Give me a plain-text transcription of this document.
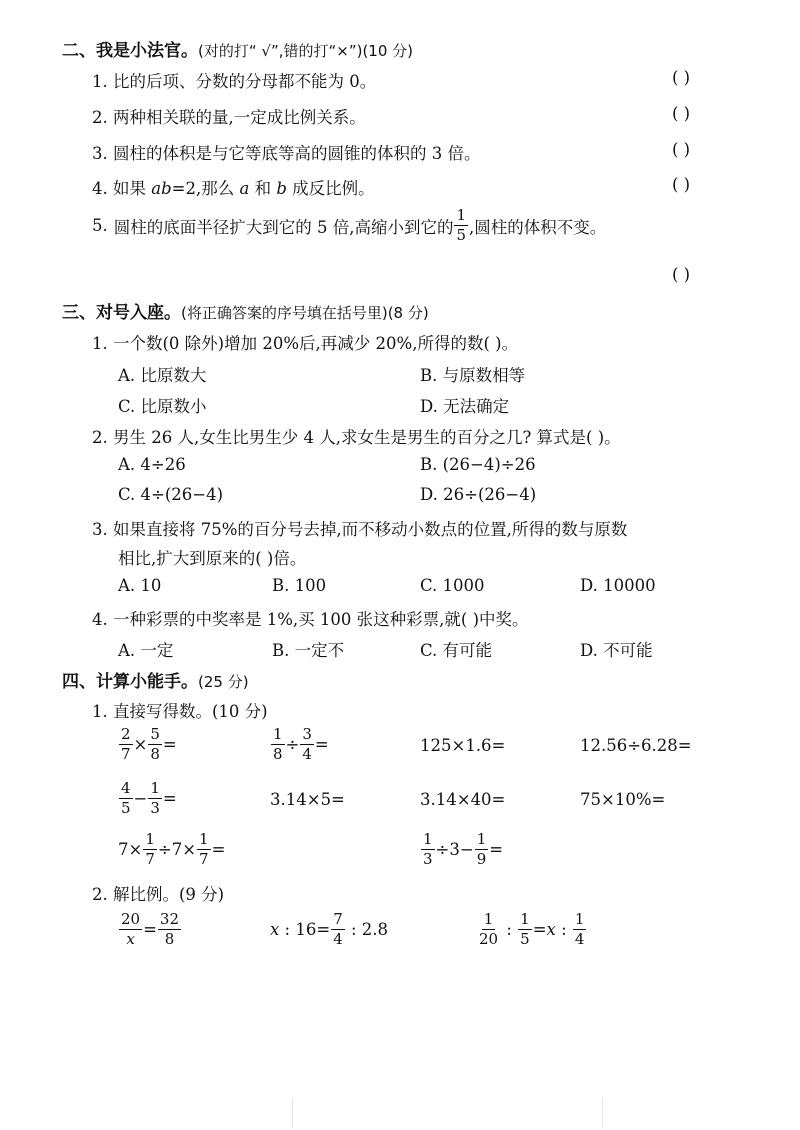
二、我是小法官。(对的打“ √”,错的打“×”)(10 分)
1. 比的后项、分数的分母都不能为 0。	( )
2. 两种相关联的量,一定成比例关系。	( )
3. 圆柱的体积是与它等底等高的圆锥的体积的 3 倍。	( )
4. 如果 ab=2,那么 a 和 b 成反比例。	( )
5. 圆柱的底面半径扩大到它的 5 倍,高缩小到它的 $\frac{1}{5}$ ,圆柱的体积不变。
( )
三、对号入座。(将正确答案的序号填在括号里)(8 分)
1. 一个数(0 除外)增加 20%后,再减少 20%,所得的数( )。
A. 比原数大	B. 与原数相等
C. 比原数小	D. 无法确定
2. 男生 26 人,女生比男生少 4 人,求女生是男生的百分之几? 算式是( )。
A. 4÷26	B. (26−4)÷26
C. 4÷(26−4)	D. 26÷(26−4)
3. 如果直接将 75%的百分号去掉,而不移动小数点的位置,所得的数与原数
相比,扩大到原来的( )倍。
A. 10	B. 100	C. 1000	D. 10000
4. 一种彩票的中奖率是 1%,买 100 张这种彩票,就( )中奖。
A. 一定	B. 一定不	C. 有可能	D. 不可能
四、计算小能手。(25 分)
1. 直接写得数。(10 分)
$\frac{2}{7} \times \frac{5}{8}$ =	$\frac{1}{8} \div \frac{3}{4}$ =	125×1.6=	12.56÷6.28=
$\frac{4}{5} - \frac{1}{3}$ =	3.14×5=	3.14×40=	75×10%=
$7\times \frac{1}{7} \div 7\times \frac{1}{7}$ =	$\frac{1}{3} \div 3- \frac{1}{9}$ =
2. 解比例。(9 分)
$\frac{20}{x} = \frac{32}{8}$	x : $16= \frac{7}{4}$ : 2.8	$\frac{1}{20}$ : $\frac{1}{5} = x$ : $\frac{1}{4}$
